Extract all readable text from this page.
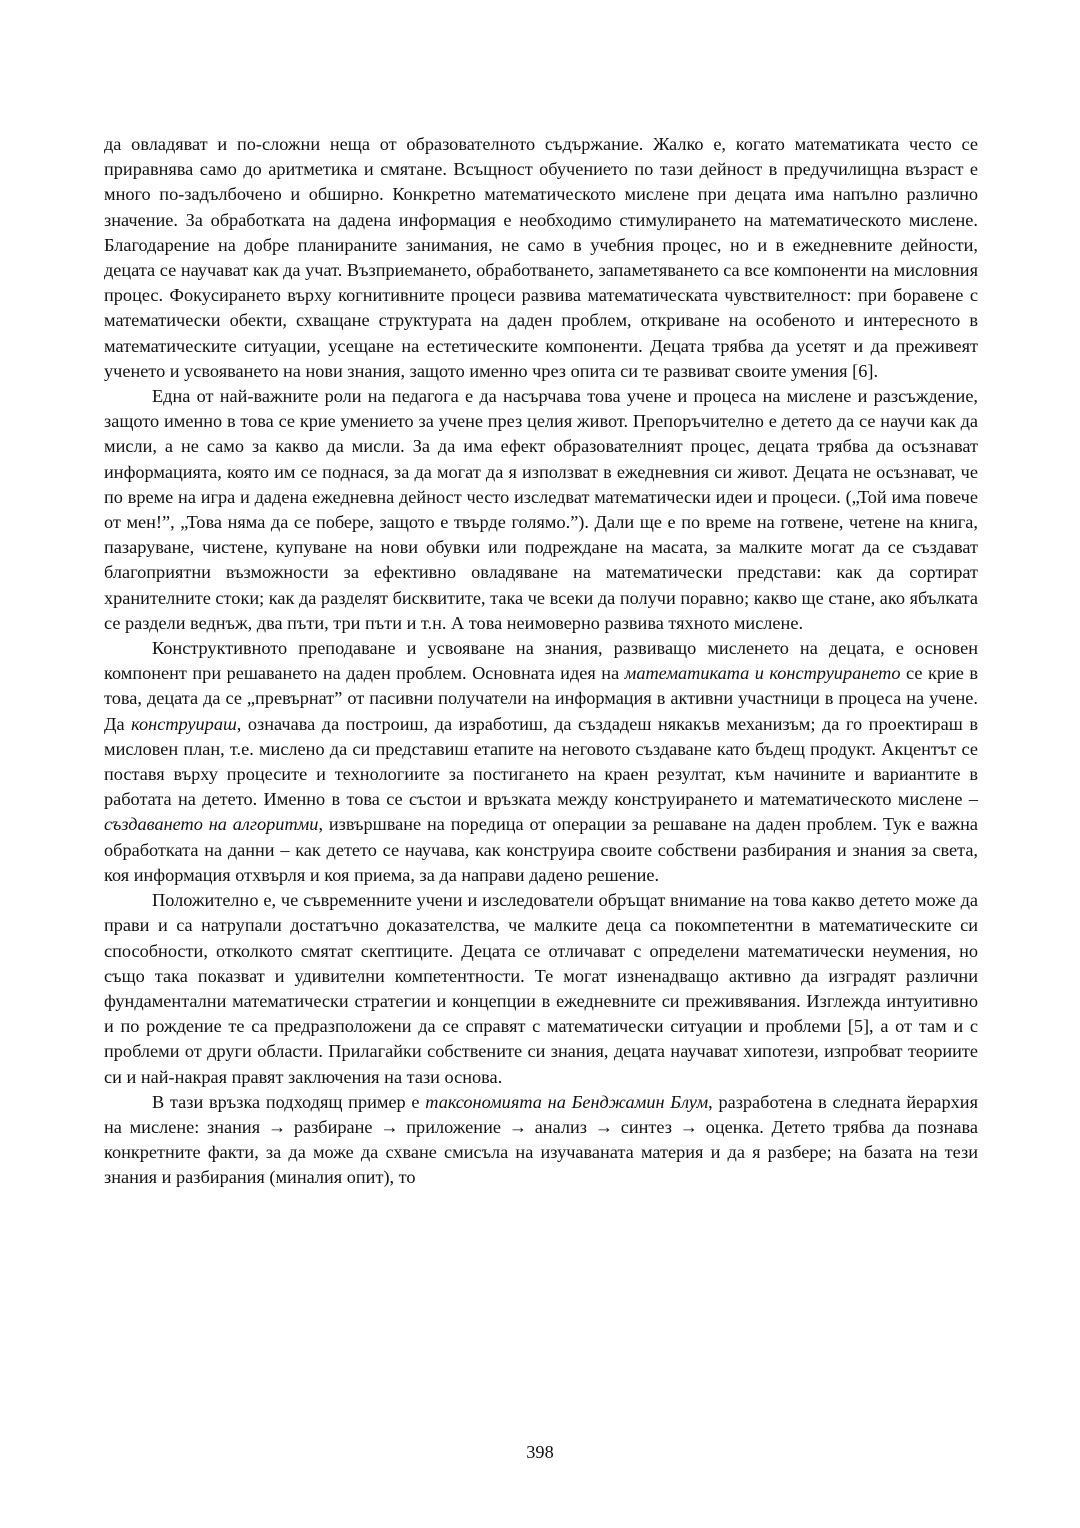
да овладяват и по-сложни неща от образователното съдържание. Жалко е, когато математиката често се приравнява само до аритметика и смятане. Всъщност обучението по тази дейност в предучилищна възраст е много по-задълбочено и обширно. Конкретно математическото мислене при децата има напълно различно значение. За обработката на дадена информация е необходимо стимулирането на математическото мислене. Благодарение на добре планираните занимания, не само в учебния процес, но и в ежедневните дейности, децата се научават как да учат. Възприемането, обработването, запаметяването са все компоненти на мисловния процес. Фокусирането върху когнитивните процеси развива математическата чувствителност: при боравене с математически обекти, схващане структурата на даден проблем, откриване на особеното и интересното в математическите ситуации, усещане на естетическите компоненти. Децата трябва да усетят и да преживеят ученето и усвояването на нови знания, защото именно чрез опита си те развиват своите умения [6].

Една от най-важните роли на педагога е да насърчава това учене и процеса на мислене и разсъждение, защото именно в това се крие умението за учене през целия живот. Препоръчително е детето да се научи как да мисли, а не само за какво да мисли. За да има ефект образователният процес, децата трябва да осъзнават информацията, която им се поднася, за да могат да я използват в ежедневния си живот. Децата не осъзнават, че по време на игра и дадена ежедневна дейност често изследват математически идеи и процеси. („Той има повече от мен!”, „Това няма да се побере, защото е твърде голямо.”). Дали ще е по време на готвене, четене на книга, пазаруване, чистене, купуване на нови обувки или подреждане на масата, за малките могат да се създават благоприятни възможности за ефективно овладяване на математически представи: как да сортират хранителните стоки; как да разделят бисквитите, така че всеки да получи поравно; какво ще стане, ако ябълката се раздели веднъж, два пъти, три пъти и т.н. А това неимоверно развива тяхното мислене.

Конструктивното преподаване и усвояване на знания, развиващо мисленето на децата, е основен компонент при решаването на даден проблем. Основната идея на математиката и конструирането се крие в това, децата да се „превърнат” от пасивни получатели на информация в активни участници в процеса на учене. Да конструираш, означава да построиш, да изработиш, да създадеш някакъв механизъм; да го проектираш в мисловен план, т.е. мислено да си представиш етапите на неговото създаване като бъдещ продукт. Акцентът се поставя върху процесите и технологиите за постигането на краен резултат, към начините и вариантите в работата на детето. Именно в това се състои и връзката между конструирането и математическото мислене – създаването на алгоритми, извършване на поредица от операции за решаване на даден проблем. Тук е важна обработката на данни – как детето се научава, как конструира своите собствени разбирания и знания за света, коя информация отхвърля и коя приема, за да направи дадено решение.

Положително е, че съвременните учени и изследователи обръщат внимание на това какво детето може да прави и са натрупали достатъчно доказателства, че малките деца са покомпетентни в математическите си способности, отколкото смятат скептиците. Децата се отличават с определени математически неумения, но също така показват и удивителни компетентности. Те могат изненадващо активно да изградят различни фундаментални математически стратегии и концепции в ежедневните си преживявания. Изглежда интуитивно и по рождение те са предразположени да се справят с математически ситуации и проблеми [5], а от там и с проблеми от други области. Прилагайки собствените си знания, децата научават хипотези, изпробват теориите си и най-накрая правят заключения на тази основа.

В тази връзка подходящ пример е таксономията на Бенджамин Блум, разработена в следната йерархия на мислене: знания → разбиране → приложение → анализ → синтез → оценка. Детето трябва да познава конкретните факти, за да може да схване смисъла на изучаваната материя и да я разбере; на базата на тези знания и разбирания (миналия опит), то

398
